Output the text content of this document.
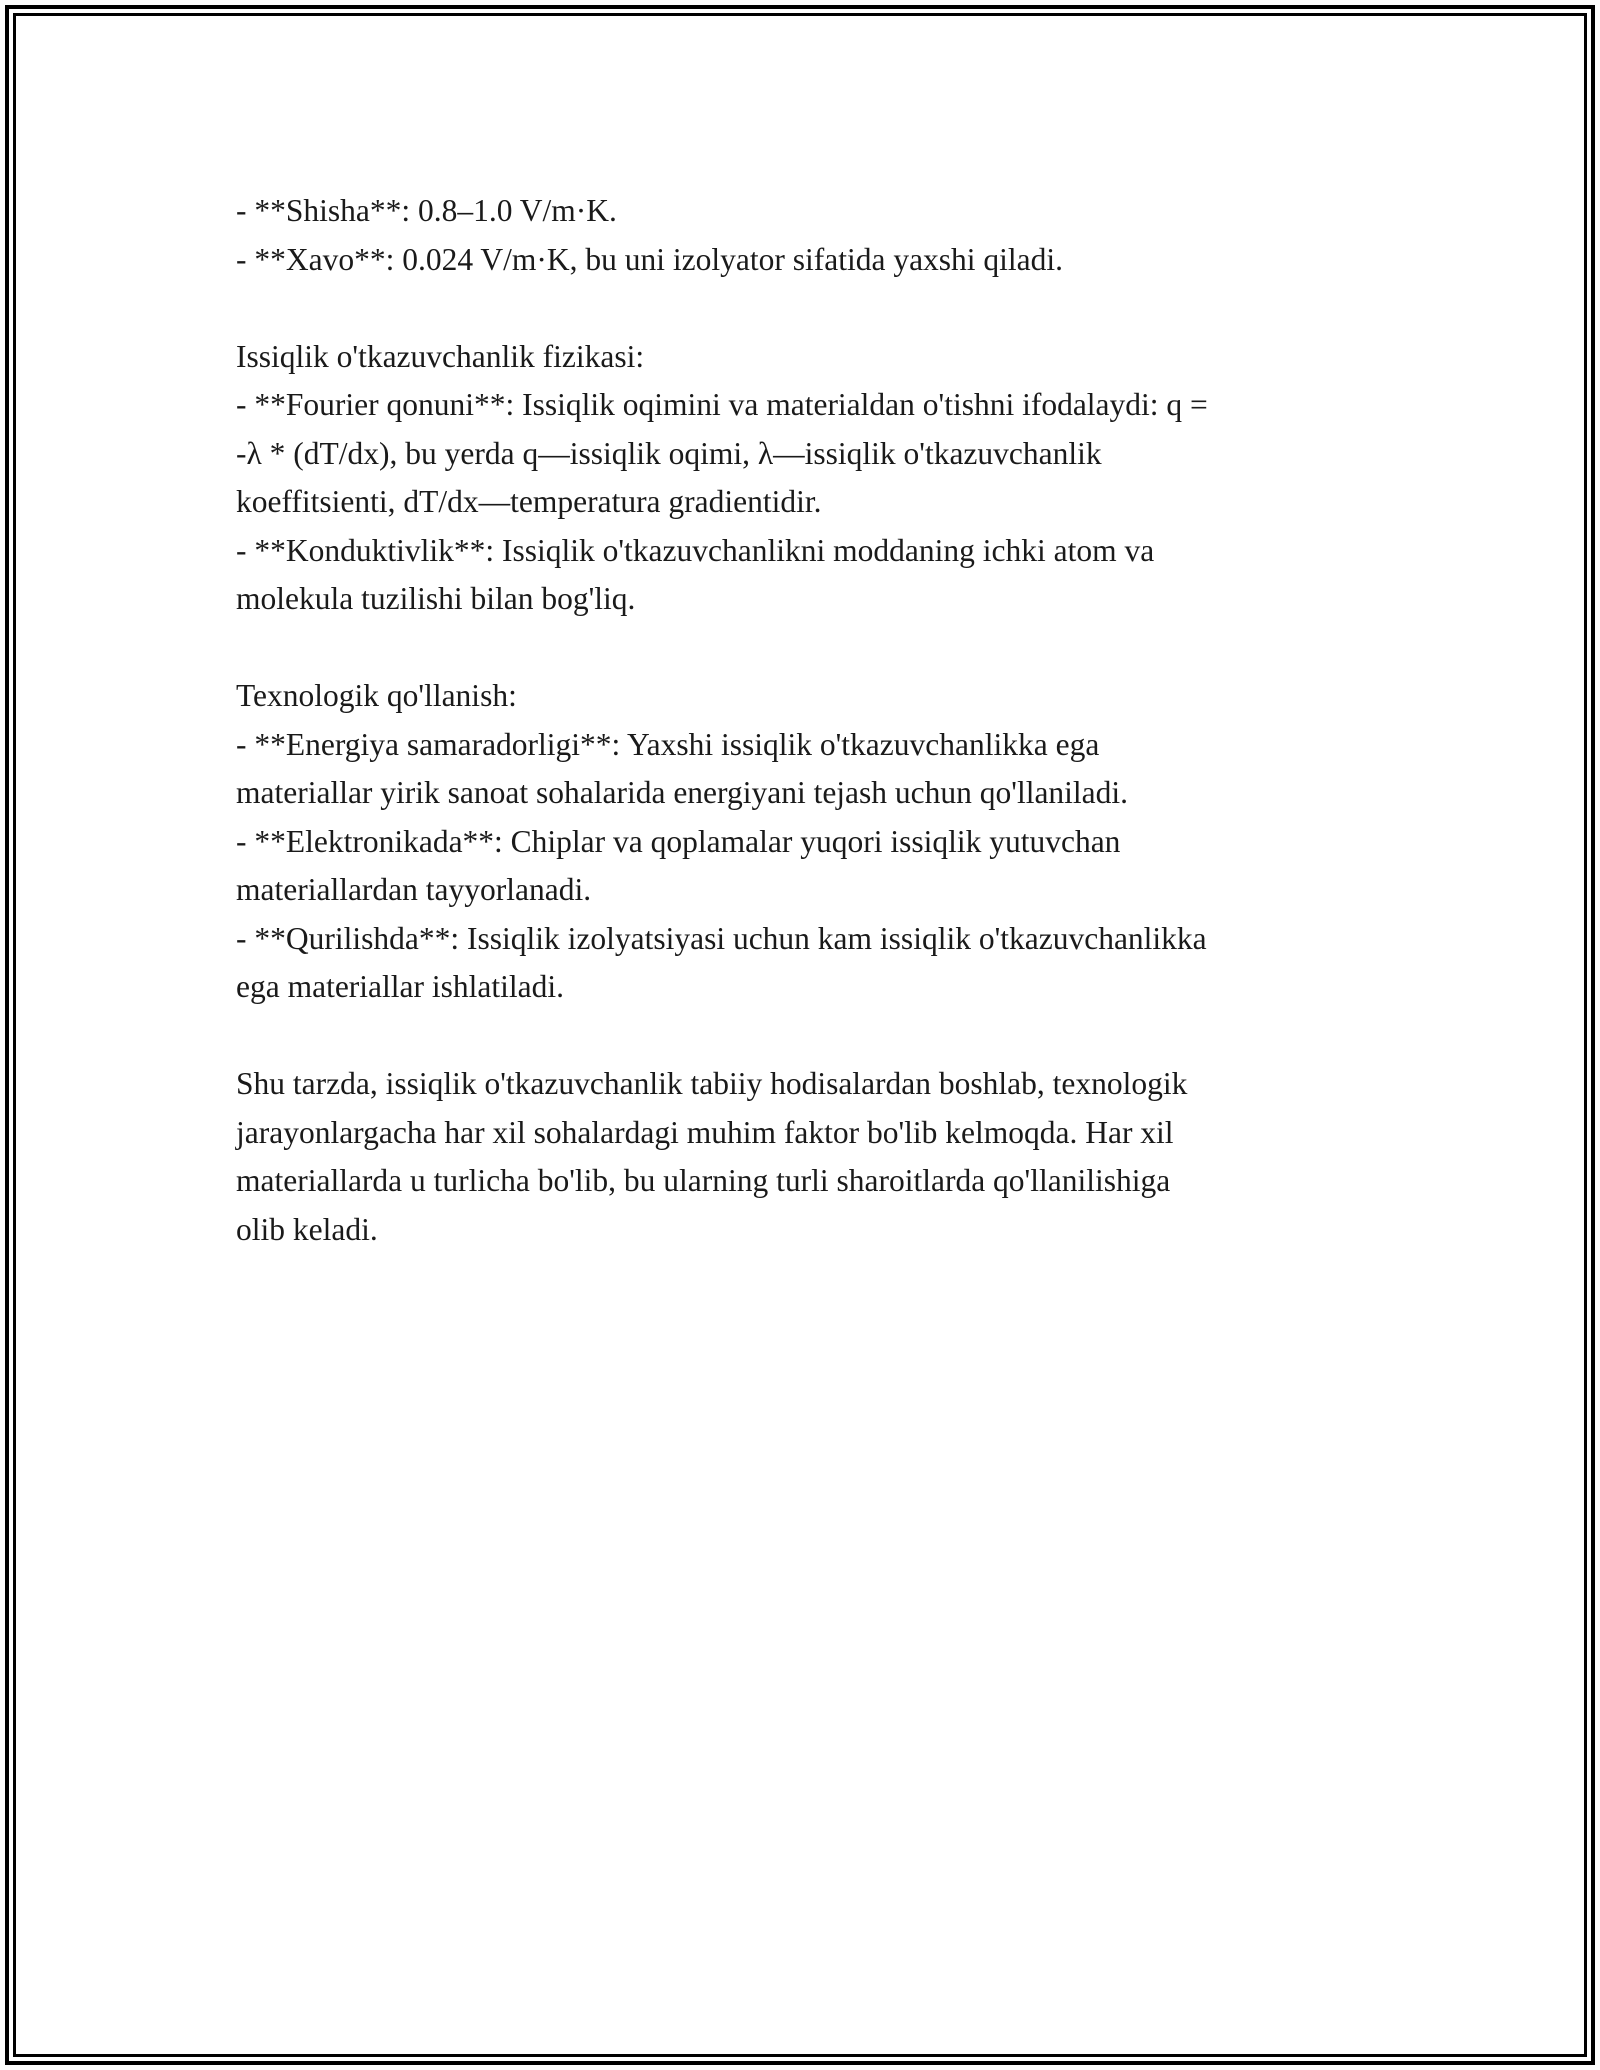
- **Shisha**: 0.8–1.0 V/m·K.
- **Xavo**: 0.024 V/m·K, bu uni izolyator sifatida yaxshi qiladi.
Issiqlik o'tkazuvchanlik fizikasi:
- **Fourier qonuni**: Issiqlik oqimini va materialdan o'tishni ifodalaydi: q =
-λ * (dT/dx), bu yerda q—issiqlik oqimi, λ—issiqlik o'tkazuvchanlik
koeffitsienti, dT/dx—temperatura gradientidir.
- **Konduktivlik**: Issiqlik o'tkazuvchanlikni moddaning ichki atom va
molekula tuzilishi bilan bog'liq.
Texnologik qo'llanish:
- **Energiya samaradorligi**: Yaxshi issiqlik o'tkazuvchanlikka ega
materiallar yirik sanoat sohalarida energiyani tejash uchun qo'llaniladi.
- **Elektronikada**: Chiplar va qoplamalar yuqori issiqlik yutuvchan
materiallardan tayyorlanadi.
- **Qurilishda**: Issiqlik izolyatsiyasi uchun kam issiqlik o'tkazuvchanlikka
ega materiallar ishlatiladi.
Shu tarzda, issiqlik o'tkazuvchanlik tabiiy hodisalardan boshlab, texnologik
jarayonlargacha har xil sohalardagi muhim faktor bo'lib kelmoqda. Har xil
materiallarda u turlicha bo'lib, bu ularning turli sharoitlarda qo'llanilishiga
olib keladi.
